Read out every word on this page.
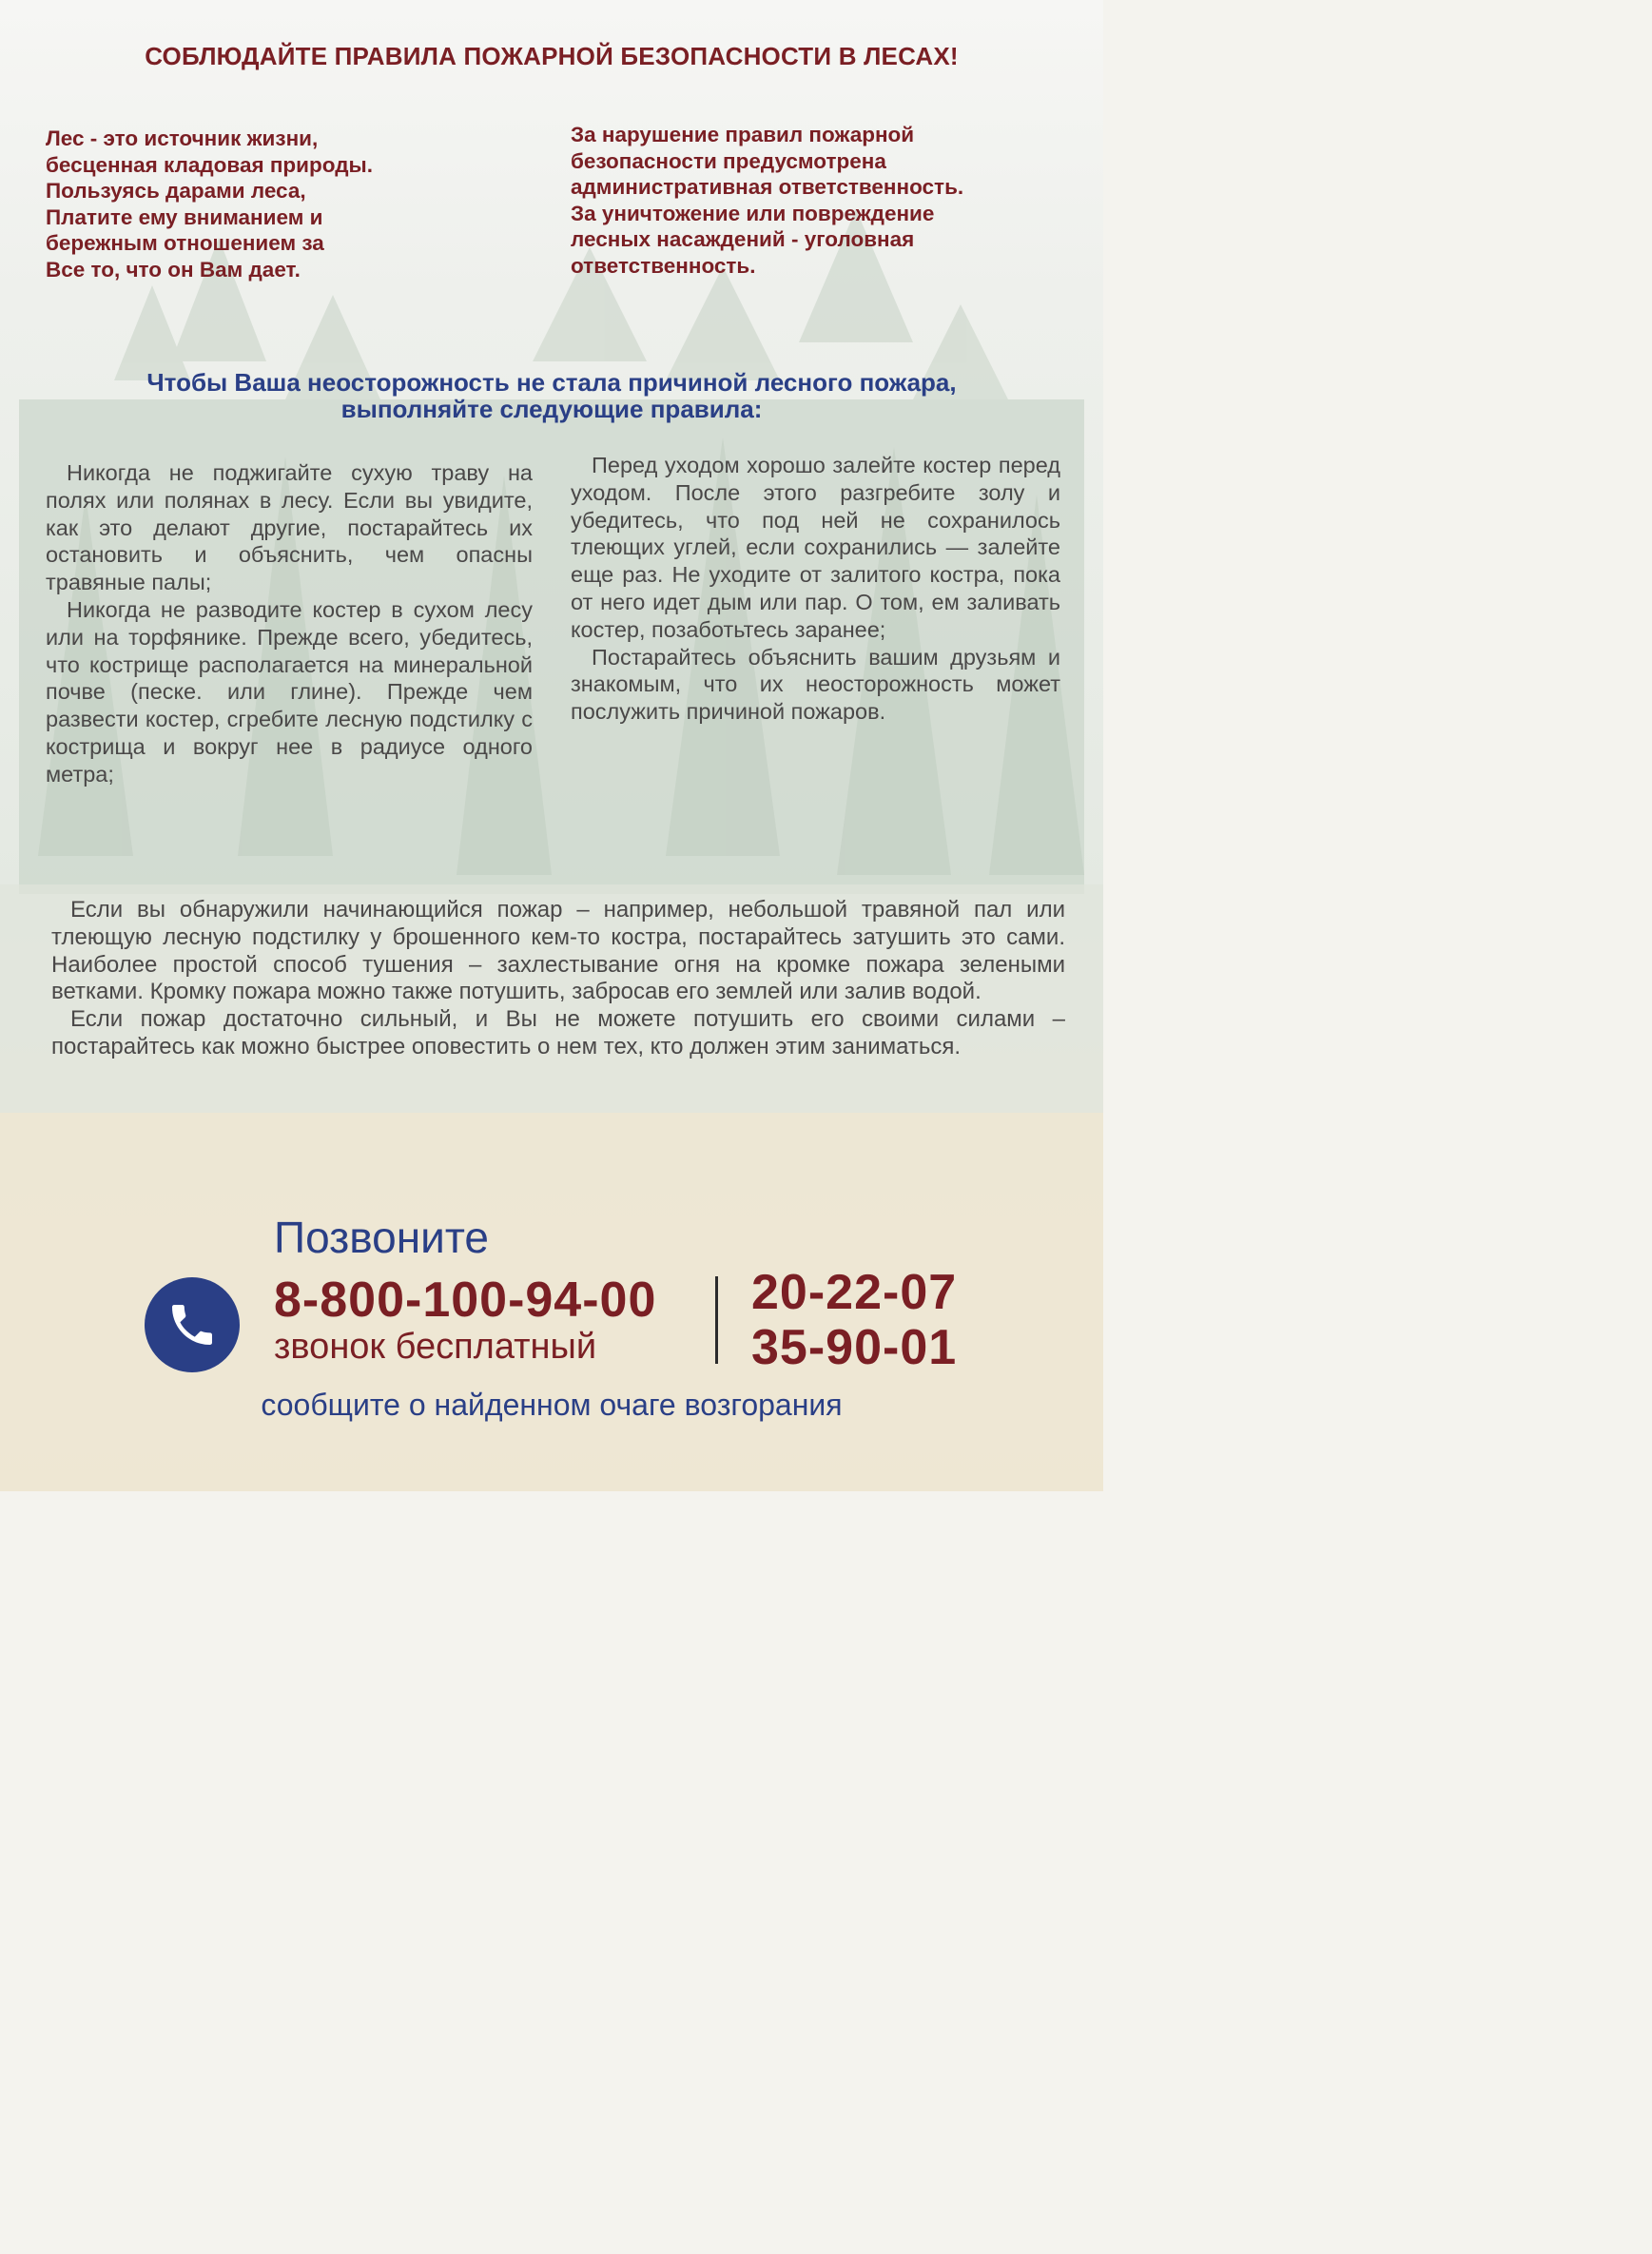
СОБЛЮДАЙТЕ ПРАВИЛА ПОЖАРНОЙ БЕЗОПАСНОСТИ В ЛЕСАХ!
Лес - это источник жизни,
бесценная кладовая природы.
Пользуясь дарами леса,
Платите ему вниманием и
бережным отношением за
Все то, что он Вам дает.
За нарушение правил пожарной
безопасности предусмотрена
административная ответственность.
За уничтожение или повреждение
лесных насаждений - уголовная
ответственность.
Чтобы Ваша неосторожность не стала причиной лесного пожара,
выполняйте следующие правила:

Никогда не поджигайте сухую траву на полях или полянах в лесу. Если вы увидите, как это делают другие, постарайтесь их остановить и объяснить, чем опасны травяные палы;

Никогда не разводите костер в сухом лесу или на торфянике. Прежде всего, убедитесь, что кострище располагается на минеральной почве (песке. или глине). Прежде чем развести костер, сгребите лесную подстилку с кострища и вокруг нее в радиусе одного метра;

Перед уходом хорошо залейте костер перед уходом. После этого разгребите золу и убедитесь, что под ней не сохранилось тлеющих углей, если сохранились — залейте еще раз. Не уходите от залитого костра, пока от него идет дым или пар. О том, ем заливать костер, позаботьтесь заранее;

Постарайтесь объяснить вашим друзьям и знакомым, что их неосторожность может послужить причиной пожаров.

Если вы обнаружили начинающийся пожар – например, небольшой травяной пал или тлеющую лесную подстилку у брошенного кем-то костра, постарайтесь затушить это сами. Наиболее простой способ тушения – захлестывание огня на кромке пожара зелеными ветками. Кромку пожара можно также потушить, забросав его землей или залив водой.

Если пожар достаточно сильный, и Вы не можете потушить его своими силами – постарайтесь как можно быстрее оповестить о нем тех, кто должен этим заниматься.

Позвоните
8-800-100-94-00 20-22-07
35-90-01
звонок бесплатный
сообщите о найденном очаге возгорания
